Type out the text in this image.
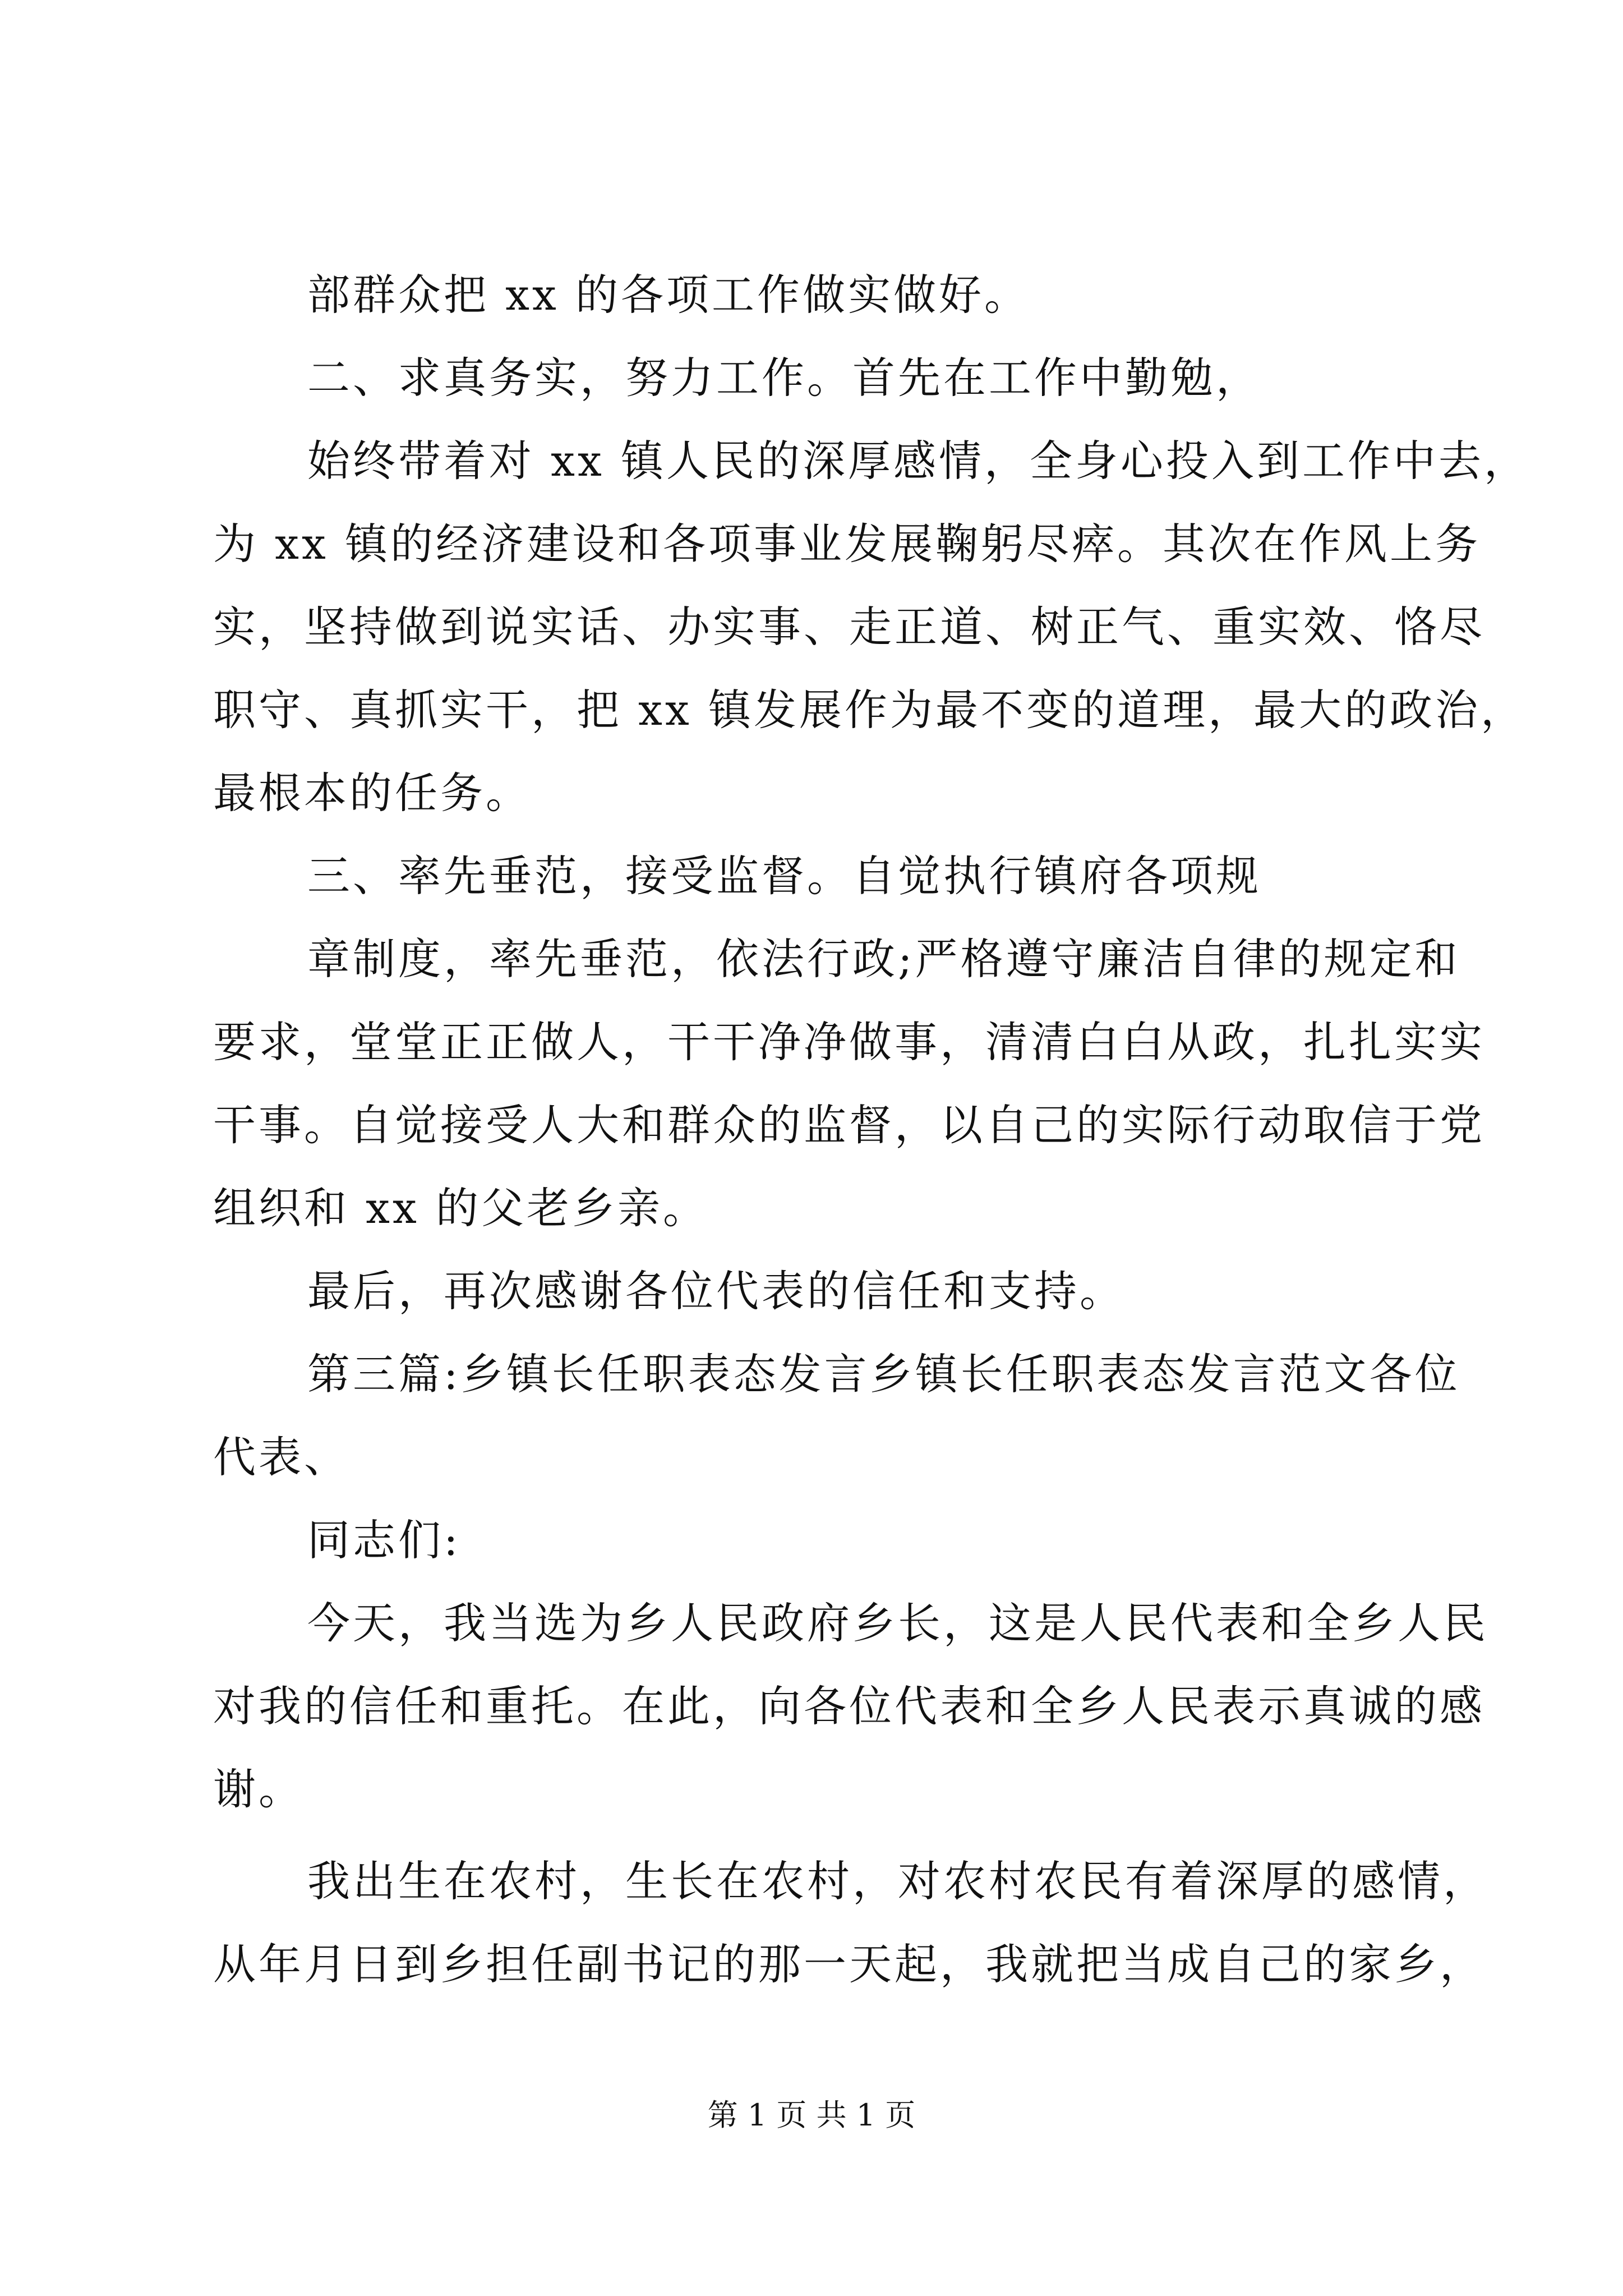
部群众把 xx 的各项工作做实做好。
二、求真务实，努力工作。首先在工作中勤勉，
始终带着对 xx 镇人民的深厚感情，全身心投入到工作中去，
为 xx 镇的经济建设和各项事业发展鞠躬尽瘁。其次在作风上务
实，坚持做到说实话、办实事、走正道、树正气、重实效、恪尽
职守、真抓实干，把 xx 镇发展作为最不变的道理，最大的政治，
最根本的任务。
三、率先垂范，接受监督。自觉执行镇府各项规
章制度，率先垂范，依法行政;严格遵守廉洁自律的规定和
要求，堂堂正正做人，干干净净做事，清清白白从政，扎扎实实
干事。自觉接受人大和群众的监督，以自己的实际行动取信于党
组织和 xx 的父老乡亲。
最后，再次感谢各位代表的信任和支持。
第三篇:乡镇长任职表态发言乡镇长任职表态发言范文各位
代表、
同志们:
今天，我当选为乡人民政府乡长，这是人民代表和全乡人民
对我的信任和重托。在此，向各位代表和全乡人民表示真诚的感
谢。
我出生在农村，生长在农村，对农村农民有着深厚的感情，
从年月日到乡担任副书记的那一天起，我就把当成自己的家乡，
第 1 页 共 1 页
